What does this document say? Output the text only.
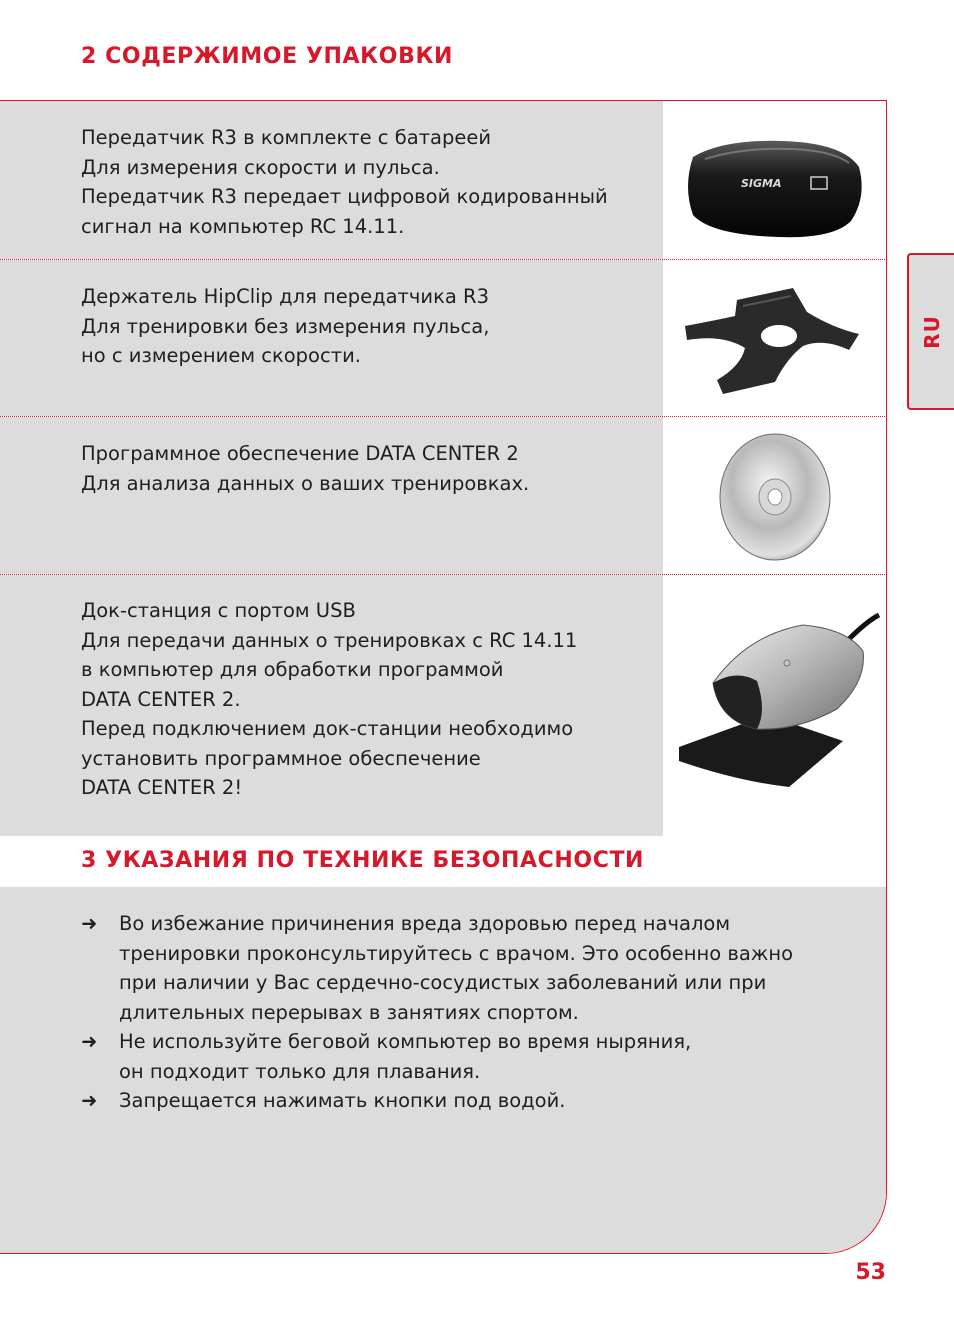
2 СОДЕРЖИМОЕ УПАКОВКИ
Передатчик R3 в комплекте с батареей
Для измерения скорости и пульса.
Передатчик R3 передает цифровой кодированный
сигнал на компьютер RC 14.11.
SIGMA
Держатель HipClip для передатчика R3
Для тренировки без измерения пульса,
но с измерением скорости.
Программное обеспечение DATA CENTER 2
Для анализа данных о ваших тренировках.
Док-станция с портом USB
Для передачи данных о тренировках с RC 14.11
в компьютер для обработки программой
DATA CENTER 2.
Перед подключением док-станции необходимо
установить программное обеспечение
DATA CENTER 2!
3 УКАЗАНИЯ ПО ТЕХНИКЕ БЕЗОПАСНОСТИ
➜ Во избежание причинения вреда здоровью перед началом
тренировки проконсультируйтесь с врачом. Это особенно важно
при наличии у Вас сердечно-сосудистых заболеваний или при
длительных перерывах в занятиях спортом.
➜ Не используйте беговой компьютер во время ныряния,
он подходит только для плавания.
➜ Запрещается нажимать кнопки под водой.
RU
53
